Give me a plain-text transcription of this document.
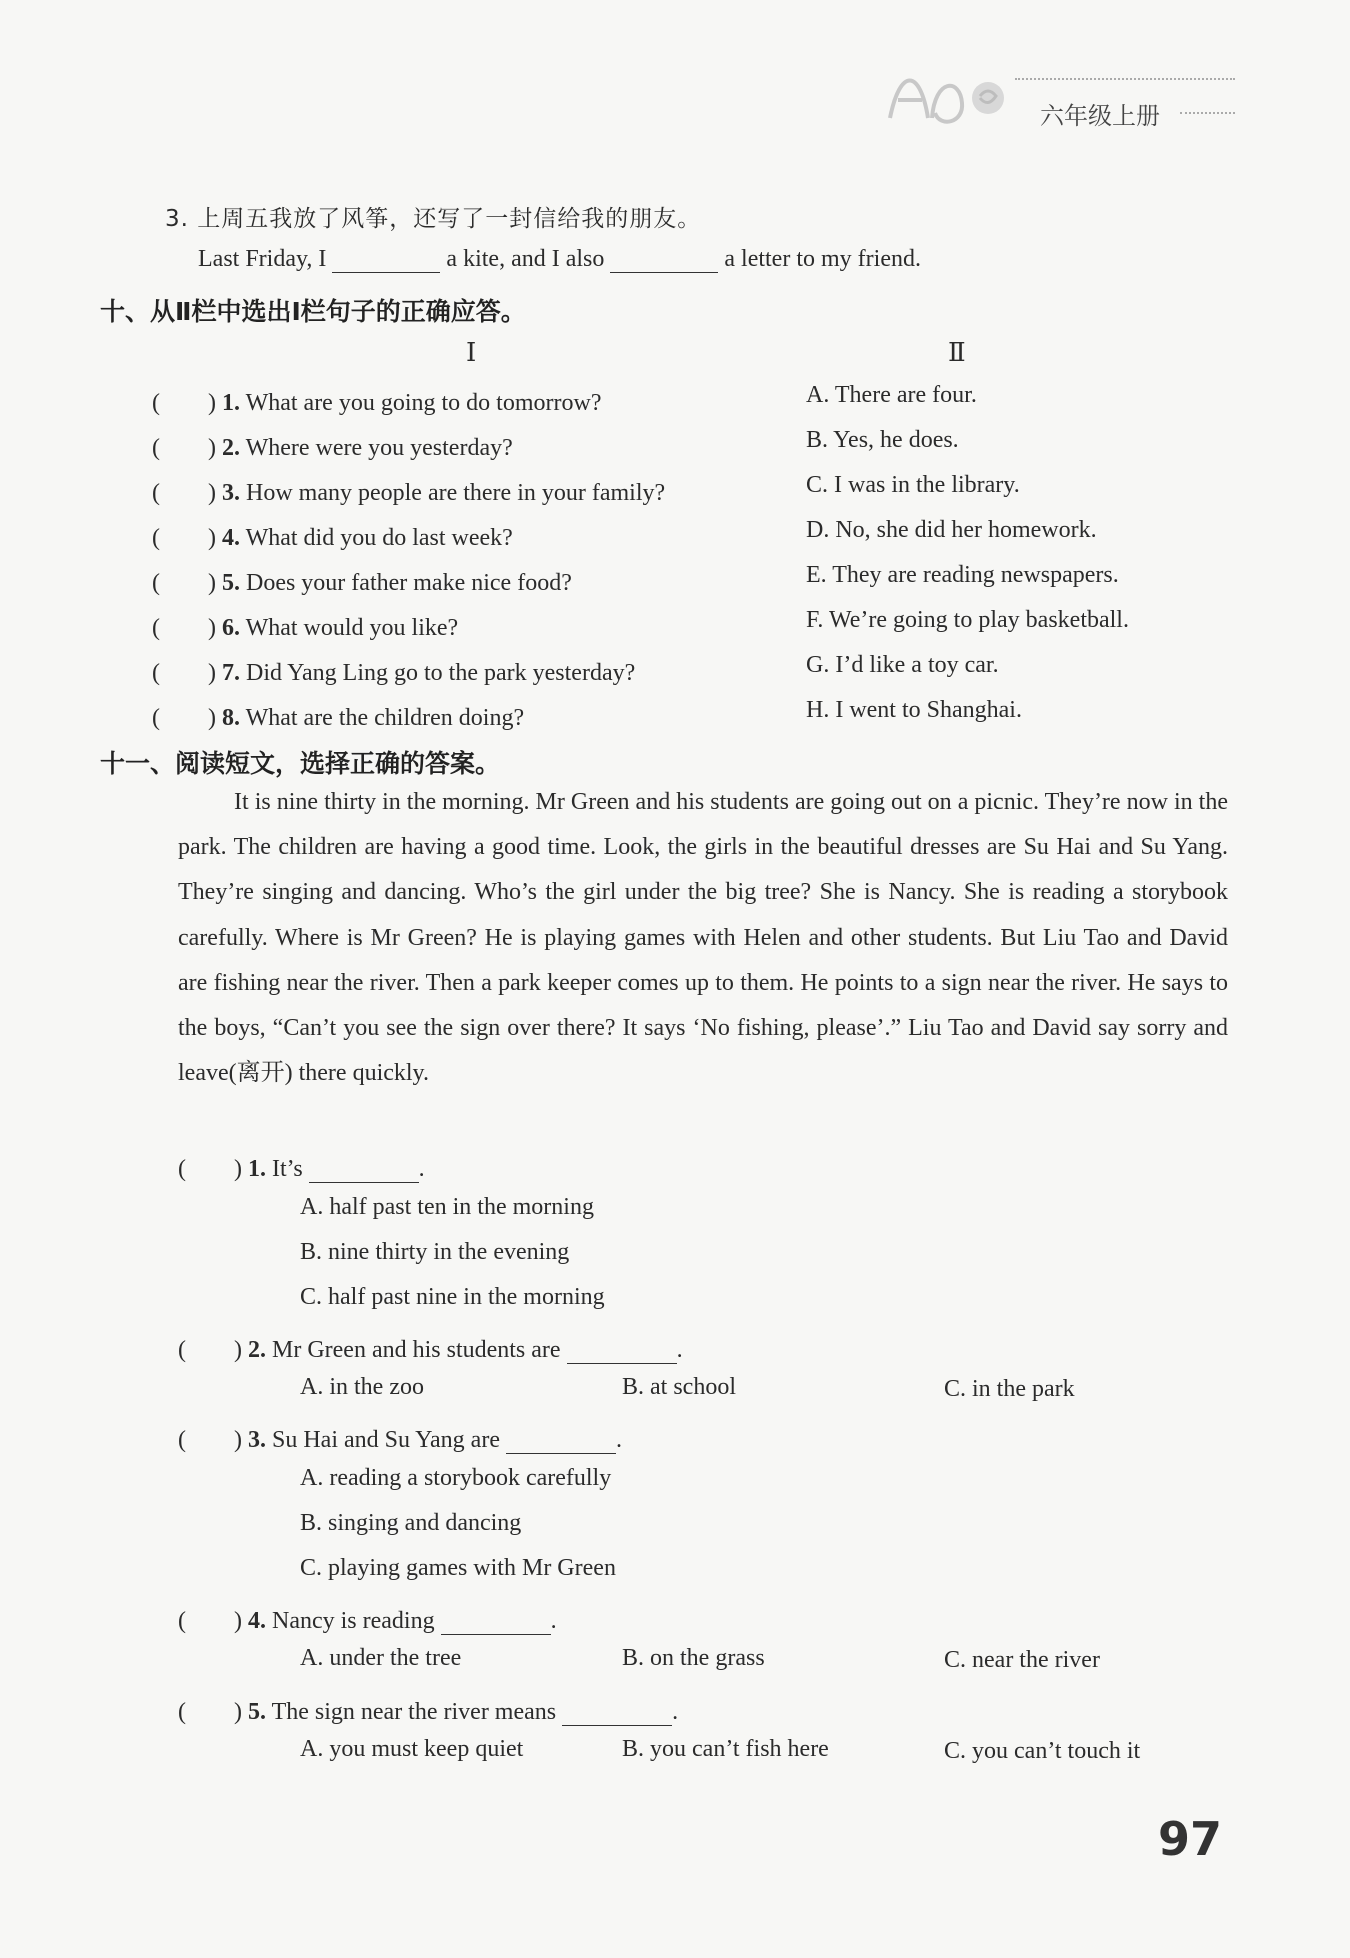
六年级上册
3. 上周五我放了风筝，还写了一封信给我的朋友。
Last Friday, I	a kite, and I also	a letter to my friend.
十、从Ⅱ栏中选出Ⅰ栏句子的正确应答。
Ⅰ	Ⅱ
(　　) 1. What are you going to do tomorrow?	A. There are four.
(　　) 2. Where were you yesterday?	B. Yes, he does.
(　　) 3. How many people are there in your family?	C. I was in the library.
(　　) 4. What did you do last week?	D. No, she did her homework.
(　　) 5. Does your father make nice food?	E. They are reading newspapers.
(　　) 6. What would you like?	F. We’re going to play basketball.
(　　) 7. Did Yang Ling go to the park yesterday?	G. I’d like a toy car.
(　　) 8. What are the children doing?	H. I went to Shanghai.
十一、阅读短文，选择正确的答案。
It is nine thirty in the morning. Mr Green and his students are going out on a picnic. They’re now in the park. The children are having a good time. Look, the girls in the beautiful dresses are Su Hai and Su Yang. They’re singing and dancing. Who’s the girl under the big tree? She is Nancy. She is reading a storybook carefully. Where is Mr Green? He is playing games with Helen and other students. But Liu Tao and David are fishing near the river. Then a park keeper comes up to them. He points to a sign near the river. He says to the boys, “Can’t you see the sign over there? It says ‘No fishing, please’.” Liu Tao and David say sorry and leave(离开) there quickly.
(　　) 1. It’s	.
A. half past ten in the morning
B. nine thirty in the evening
C. half past nine in the morning
(　　) 2. Mr Green and his students are	.
A. in the zoo	B. at school	C. in the park
(　　) 3. Su Hai and Su Yang are	.
A. reading a storybook carefully
B. singing and dancing
C. playing games with Mr Green
(　　) 4. Nancy is reading	.
A. under the tree	B. on the grass	C. near the river
(　　) 5. The sign near the river means	.
A. you must keep quiet	B. you can’t fish here	C. you can’t touch it
97
